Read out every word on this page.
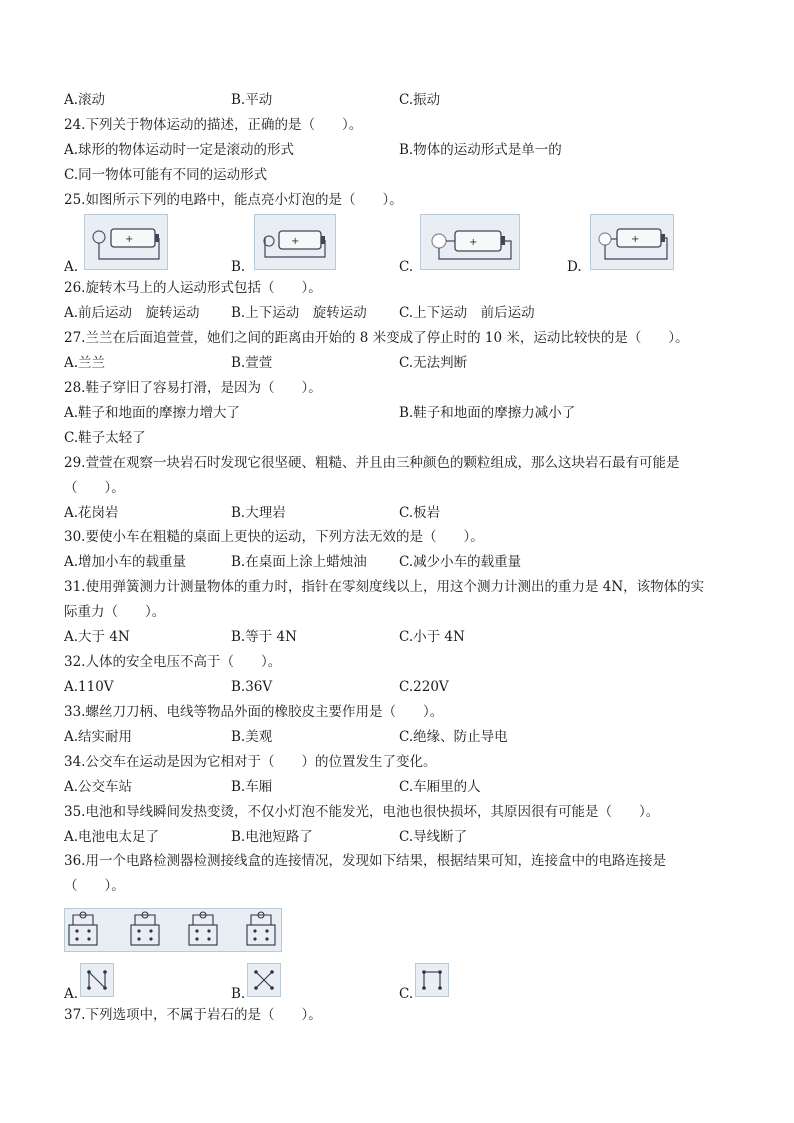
A.滚动	B.平动	C.振动
24.下列关于物体运动的描述，正确的是（　　）。
A.球形的物体运动时一定是滚动的形式	B.物体的运动形式是单一的
C.同一物体可能有不同的运动形式
25.如图所示下列的电路中，能点亮小灯泡的是（　　）。
A.
+
B.
+
C.
+
D.
+
26.旋转木马上的人运动形式包括（　　）。
A.前后运动　旋转运动 B.上下运动　旋转运动 C.上下运动　前后运动
27.兰兰在后面追萱萱，她们之间的距离由开始的 8 米变成了停止时的 10 米，运动比较快的是（　　）。
A.兰兰	B.萱萱	C.无法判断
28.鞋子穿旧了容易打滑，是因为（　　）。
A.鞋子和地面的摩擦力增大了	B.鞋子和地面的摩擦力减小了
C.鞋子太轻了
29.萱萱在观察一块岩石时发现它很坚硬、粗糙、并且由三种颜色的颗粒组成，那么这块岩石最有可能是
（　　）。
A.花岗岩	B.大理岩	C.板岩
30.要使小车在粗糙的桌面上更快的运动，下列方法无效的是（　　）。
A.增加小车的载重量	B.在桌面上涂上蜡烛油 C.减少小车的载重量
31.使用弹簧测力计测量物体的重力时，指针在零刻度线以上，用这个测力计测出的重力是 4N，该物体的实
际重力（　　）。
A.大于 4N	B.等于 4N	C.小于 4N
32.人体的安全电压不高于（　　）。
A.110V	B.36V	C.220V
33.螺丝刀刀柄、电线等物品外面的橡胶皮主要作用是（　　）。
A.结实耐用	B.美观	C.绝缘、防止导电
34.公交车在运动是因为它相对于（　　）的位置发生了变化。
A.公交车站	B.车厢	C.车厢里的人
35.电池和导线瞬间发热变烫，不仅小灯泡不能发光，电池也很快损坏，其原因很有可能是（　　）。
A.电池电太足了	B.电池短路了	C.导线断了
36.用一个电路检测器检测接线盒的连接情况，发现如下结果，根据结果可知，连接盒中的电路连接是
（　　）。
A.	B.	C.
37.下列选项中，不属于岩石的是（　　）。
